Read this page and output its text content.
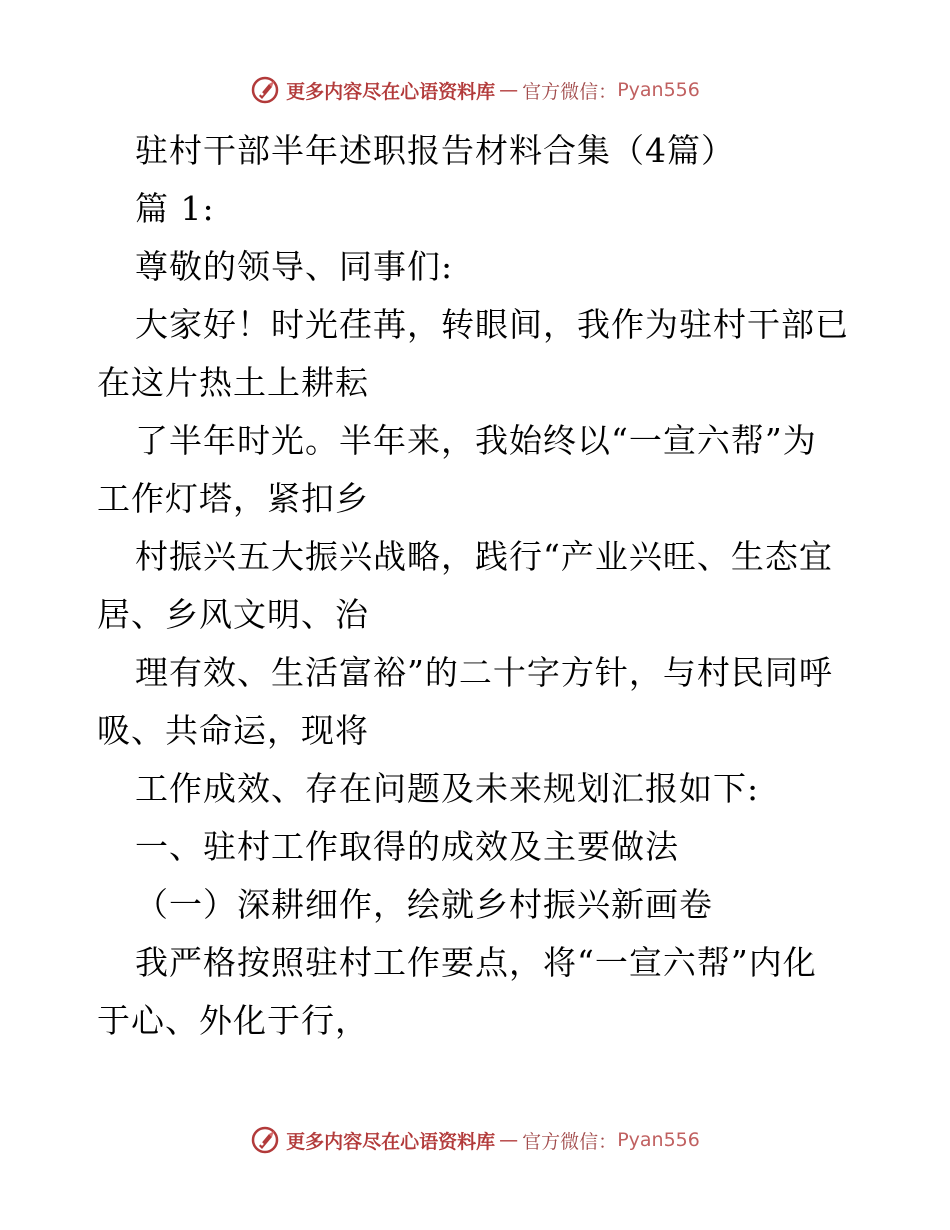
更多内容尽在心语资料库 — 官方微信： Pyan556
驻村干部半年述职报告材料合集（4篇）
篇 1:
尊敬的领导、同事们:
大家好！时光荏苒，转眼间，我作为驻村干部已
在这片热土上耕耘
了半年时光。半年来，我始终以“一宣六帮”为
工作灯塔，紧扣乡
村振兴五大振兴战略，践行“产业兴旺、生态宜
居、乡风文明、治
理有效、生活富裕”的二十字方针，与村民同呼
吸、共命运，现将
工作成效、存在问题及未来规划汇报如下:
一、驻村工作取得的成效及主要做法
（一）深耕细作，绘就乡村振兴新画卷
我严格按照驻村工作要点，将“一宣六帮”内化
于心、外化于行，
更多内容尽在心语资料库 — 官方微信： Pyan556
